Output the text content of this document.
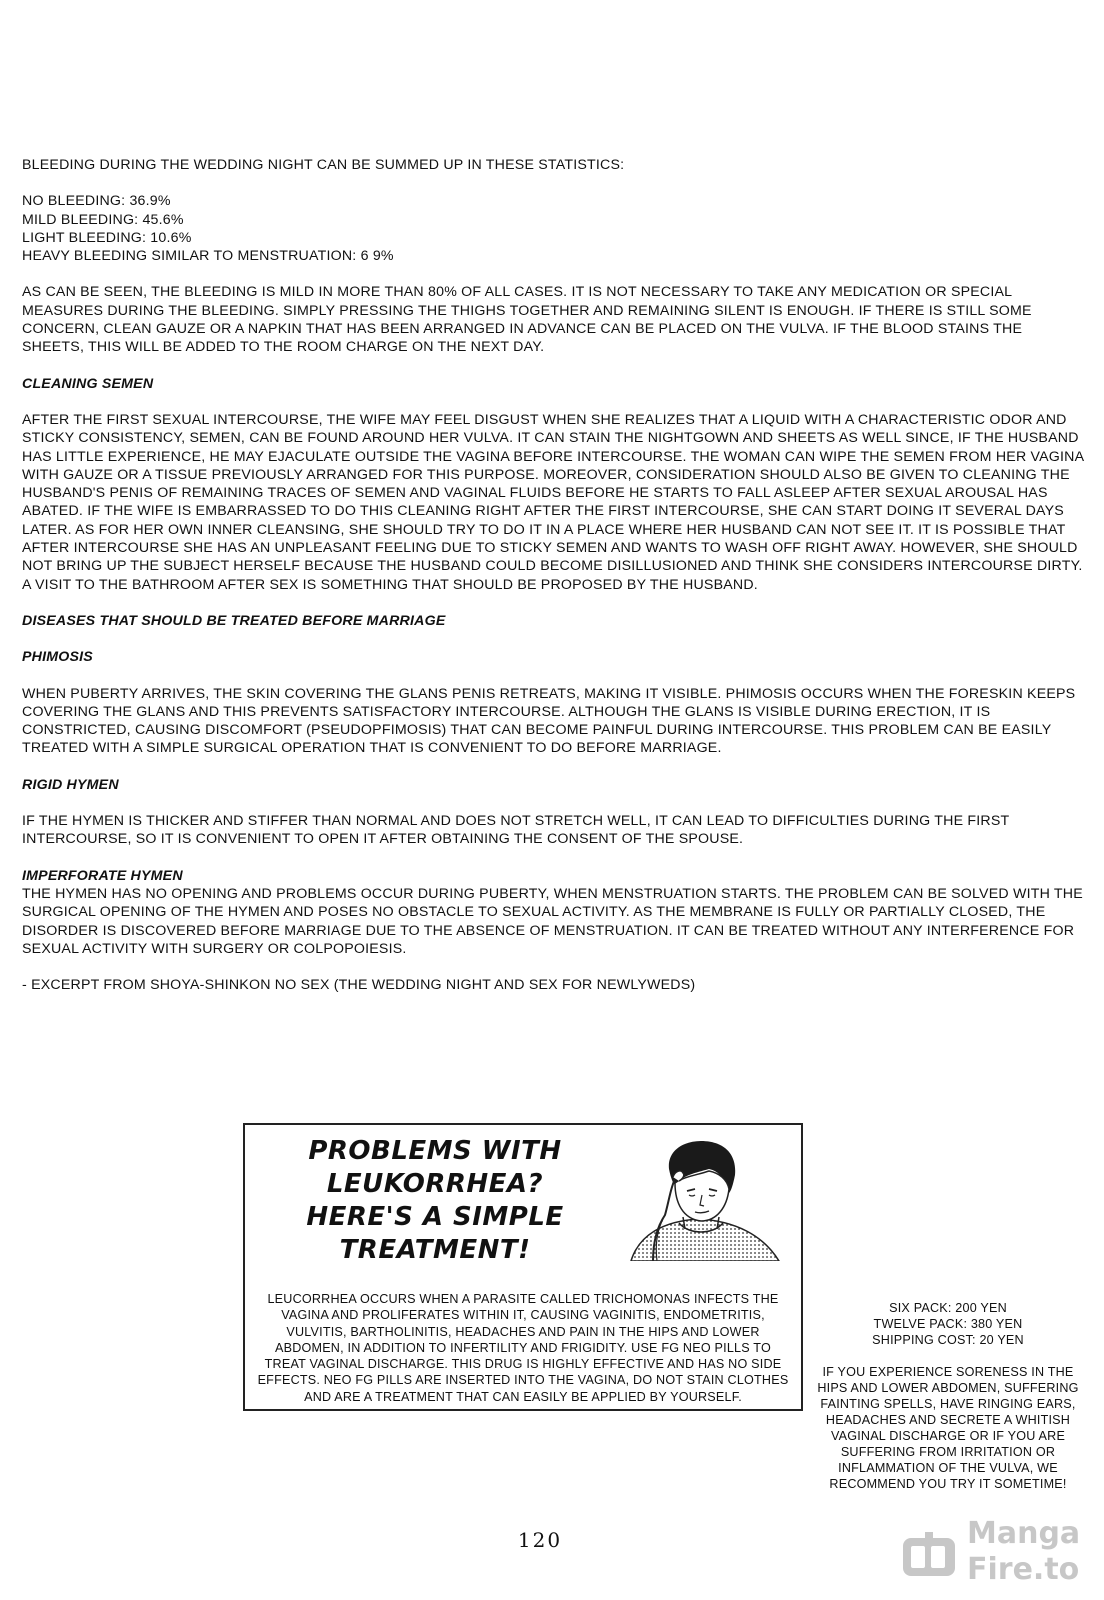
BLEEDING DURING THE WEDDING NIGHT CAN BE SUMMED UP IN THESE STATISTICS:

NO BLEEDING: 36.9%
MILD BLEEDING: 45.6%
LIGHT BLEEDING: 10.6%
HEAVY BLEEDING SIMILAR TO MENSTRUATION: 6 9%

AS CAN BE SEEN, THE BLEEDING IS MILD IN MORE THAN 80% OF ALL CASES. IT IS NOT NECESSARY TO TAKE ANY MEDICATION OR SPECIAL MEASURES DURING THE BLEEDING. SIMPLY PRESSING THE THIGHS TOGETHER AND REMAINING SILENT IS ENOUGH. IF THERE IS STILL SOME CONCERN, CLEAN GAUZE OR A NAPKIN THAT HAS BEEN ARRANGED IN ADVANCE CAN BE PLACED ON THE VULVA. IF THE BLOOD STAINS THE SHEETS, THIS WILL BE ADDED TO THE ROOM CHARGE ON THE NEXT DAY.

CLEANING SEMEN

AFTER THE FIRST SEXUAL INTERCOURSE, THE WIFE MAY FEEL DISGUST WHEN SHE REALIZES THAT A LIQUID WITH A CHARACTERISTIC ODOR AND STICKY CONSISTENCY, SEMEN, CAN BE FOUND AROUND HER VULVA. IT CAN STAIN THE NIGHTGOWN AND SHEETS AS WELL SINCE, IF THE HUSBAND HAS LITTLE EXPERIENCE, HE MAY EJACULATE OUTSIDE THE VAGINA BEFORE INTERCOURSE. THE WOMAN CAN WIPE THE SEMEN FROM HER VAGINA WITH GAUZE OR A TISSUE PREVIOUSLY ARRANGED FOR THIS PURPOSE. MOREOVER, CONSIDERATION SHOULD ALSO BE GIVEN TO CLEANING THE HUSBAND'S PENIS OF REMAINING TRACES OF SEMEN AND VAGINAL FLUIDS BEFORE HE STARTS TO FALL ASLEEP AFTER SEXUAL AROUSAL HAS ABATED. IF THE WIFE IS EMBARRASSED TO DO THIS CLEANING RIGHT AFTER THE FIRST INTERCOURSE, SHE CAN START DOING IT SEVERAL DAYS LATER. AS FOR HER OWN INNER CLEANSING, SHE SHOULD TRY TO DO IT IN A PLACE WHERE HER HUSBAND CAN NOT SEE IT. IT IS POSSIBLE THAT AFTER INTERCOURSE SHE HAS AN UNPLEASANT FEELING DUE TO STICKY SEMEN AND WANTS TO WASH OFF RIGHT AWAY. HOWEVER, SHE SHOULD NOT BRING UP THE SUBJECT HERSELF BECAUSE THE HUSBAND COULD BECOME DISILLUSIONED AND THINK SHE CONSIDERS INTERCOURSE DIRTY. A VISIT TO THE BATHROOM AFTER SEX IS SOMETHING THAT SHOULD BE PROPOSED BY THE HUSBAND.

DISEASES THAT SHOULD BE TREATED BEFORE MARRIAGE
PHIMOSIS

WHEN PUBERTY ARRIVES, THE SKIN COVERING THE GLANS PENIS RETREATS, MAKING IT VISIBLE. PHIMOSIS OCCURS WHEN THE FORESKIN KEEPS COVERING THE GLANS AND THIS PREVENTS SATISFACTORY INTERCOURSE. ALTHOUGH THE GLANS IS VISIBLE DURING ERECTION, IT IS CONSTRICTED, CAUSING DISCOMFORT (PSEUDOPFIMOSIS) THAT CAN BECOME PAINFUL DURING INTERCOURSE. THIS PROBLEM CAN BE EASILY TREATED WITH A SIMPLE SURGICAL OPERATION THAT IS CONVENIENT TO DO BEFORE MARRIAGE.

RIGID HYMEN

IF THE HYMEN IS THICKER AND STIFFER THAN NORMAL AND DOES NOT STRETCH WELL, IT CAN LEAD TO DIFFICULTIES DURING THE FIRST INTERCOURSE, SO IT IS CONVENIENT TO OPEN IT AFTER OBTAINING THE CONSENT OF THE SPOUSE.

IMPERFORATE HYMEN

THE HYMEN HAS NO OPENING AND PROBLEMS OCCUR DURING PUBERTY, WHEN MENSTRUATION STARTS. THE PROBLEM CAN BE SOLVED WITH THE SURGICAL OPENING OF THE HYMEN AND POSES NO OBSTACLE TO SEXUAL ACTIVITY. AS THE MEMBRANE IS FULLY OR PARTIALLY CLOSED, THE DISORDER IS DISCOVERED BEFORE MARRIAGE DUE TO THE ABSENCE OF MENSTRUATION. IT CAN BE TREATED WITHOUT ANY INTERFERENCE FOR SEXUAL ACTIVITY WITH SURGERY OR COLPOPOIESIS.

- EXCERPT FROM SHOYA-SHINKON NO SEX (THE WEDDING NIGHT AND SEX FOR NEWLYWEDS)

PROBLEMS WITH
LEUKORRHEA?
HERE'S A SIMPLE
TREATMENT!
LEUCORRHEA OCCURS WHEN A PARASITE CALLED TRICHOMONAS INFECTS THE VAGINA AND PROLIFERATES WITHIN IT, CAUSING VAGINITIS, ENDOMETRITIS, VULVITIS, BARTHOLINITIS, HEADACHES AND PAIN IN THE HIPS AND LOWER ABDOMEN, IN ADDITION TO INFERTILITY AND FRIGIDITY. USE FG NEO PILLS TO TREAT VAGINAL DISCHARGE. THIS DRUG IS HIGHLY EFFECTIVE AND HAS NO SIDE EFFECTS. NEO FG PILLS ARE INSERTED INTO THE VAGINA, DO NOT STAIN CLOTHES AND ARE A TREATMENT THAT CAN EASILY BE APPLIED BY YOURSELF.
SIX PACK: 200 YEN
TWELVE PACK: 380 YEN
SHIPPING COST: 20 YEN
IF YOU EXPERIENCE SORENESS IN THE HIPS AND LOWER ABDOMEN, SUFFERING FAINTING SPELLS, HAVE RINGING EARS, HEADACHES AND SECRETE A WHITISH VAGINAL DISCHARGE OR IF YOU ARE SUFFERING FROM IRRITATION OR INFLAMMATION OF THE VULVA, WE RECOMMEND YOU TRY IT SOMETIME!
120	Manga
Fire.to
